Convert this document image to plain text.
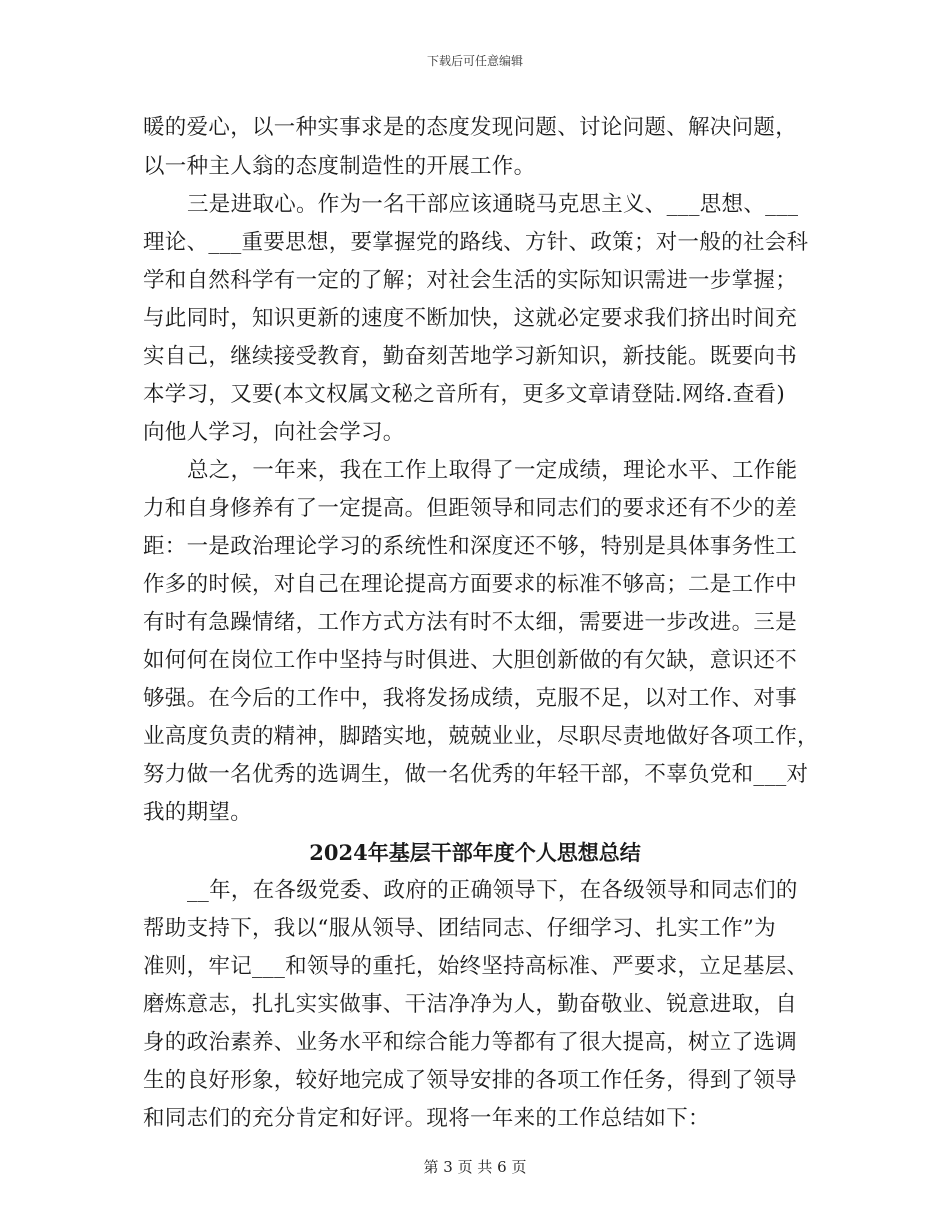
下载后可任意编辑
暖的爱心，以一种实事求是的态度发现问题、讨论问题、解决问题，
以一种主人翁的态度制造性的开展工作。
三是进取心。作为一名干部应该通晓马克思主义、___思想、___
理论、___重要思想，要掌握党的路线、方针、政策；对一般的社会科
学和自然科学有一定的了解；对社会生活的实际知识需进一步掌握；
与此同时，知识更新的速度不断加快，这就必定要求我们挤出时间充
实自己，继续接受教育，勤奋刻苦地学习新知识，新技能。既要向书
本学习，又要(本文权属文秘之音所有，更多文章请登陆.网络.查看)
向他人学习，向社会学习。
总之，一年来，我在工作上取得了一定成绩，理论水平、工作能
力和自身修养有了一定提高。但距领导和同志们的要求还有不少的差
距：一是政治理论学习的系统性和深度还不够，特别是具体事务性工
作多的时候，对自己在理论提高方面要求的标准不够高；二是工作中
有时有急躁情绪，工作方式方法有时不太细，需要进一步改进。三是
如何何在岗位工作中坚持与时俱进、大胆创新做的有欠缺，意识还不
够强。在今后的工作中，我将发扬成绩，克服不足，以对工作、对事
业高度负责的精神，脚踏实地，兢兢业业，尽职尽责地做好各项工作，
努力做一名优秀的选调生，做一名优秀的年轻干部，不辜负党和___对
我的期望。
2024年基层干部年度个人思想总结
__年，在各级党委、政府的正确领导下，在各级领导和同志们的
帮助支持下，我以“服从领导、团结同志、仔细学习、扎实工作”为
准则，牢记___和领导的重托，始终坚持高标准、严要求，立足基层、
磨炼意志，扎扎实实做事、干洁净净为人，勤奋敬业、锐意进取，自
身的政治素养、业务水平和综合能力等都有了很大提高，树立了选调
生的良好形象，较好地完成了领导安排的各项工作任务，得到了领导
和同志们的充分肯定和好评。现将一年来的工作总结如下：
第 3 页 共 6 页
